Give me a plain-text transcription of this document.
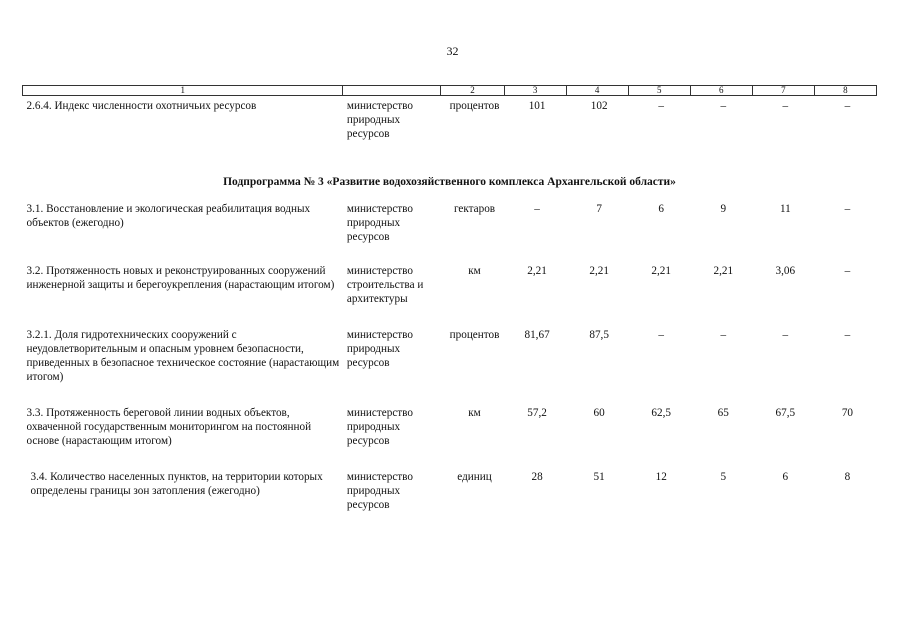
32
1		2	3	4	5	6	7	8
2.6.4. Индекс численности охотничьих ресурсов	министерство природных ресурсов	процентов	101	102	–	–	–	–
Подпрограмма № 3 «Развитие водохозяйственного комплекса Архангельской области»								
3.1. Восстановление и экологическая реабилитация водных объектов (ежегодно)	министерство природных ресурсов	гектаров	–	7	6	9	11	–
3.2. Протяженность новых и реконструированных сооружений инженерной защиты и берегоукрепления (нарастающим итогом)	министерство строительства и архитектуры	км	2,21	2,21	2,21	2,21	3,06	–
3.2.1. Доля гидротехнических сооружений с неудовлетворительным и опасным уровнем безопасности, приведенных в безопасное техническое состояние (нарастающим итогом)	министерство природных ресурсов	процентов	81,67	87,5	–	–	–	–
3.3. Протяженность береговой линии водных объектов, охваченной государственным мониторингом на постоянной основе (нарастающим итогом)	министерство природных ресурсов	км	57,2	60	62,5	65	67,5	70
3.4. Количество населенных пунктов, на территории которых определены границы зон затопления (ежегодно)	министерство природных ресурсов	единиц	28	51	12	5	6	8
